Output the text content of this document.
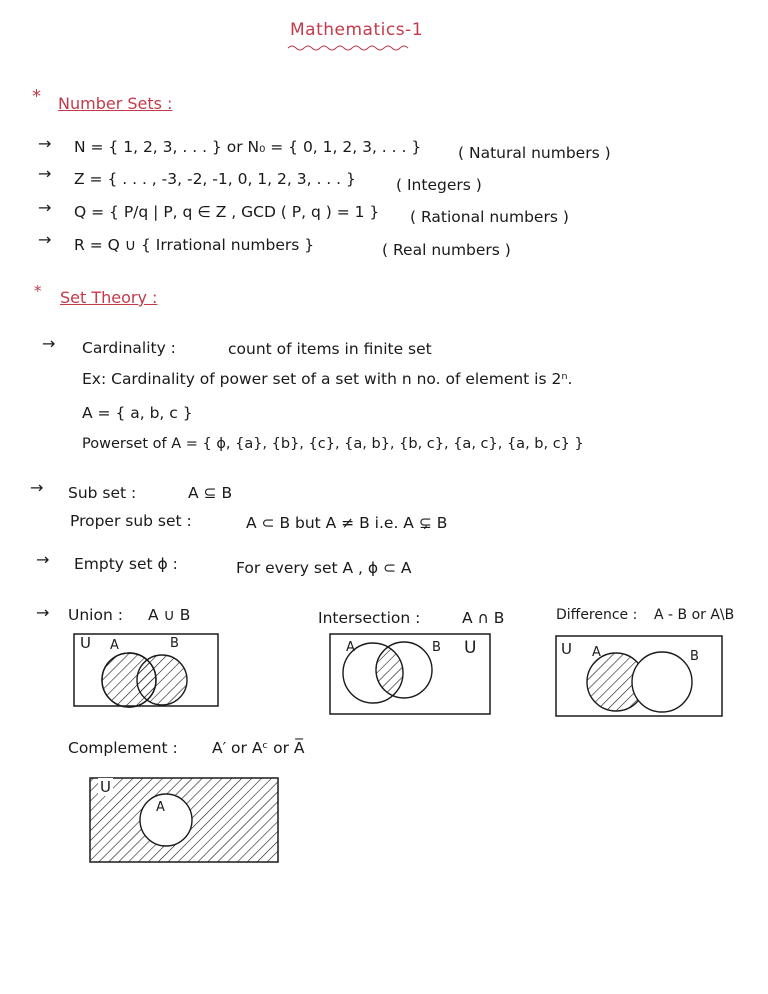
Mathematics-1
* Number Sets :
→ N = { 1, 2, 3, . . . } or N₀ = { 0, 1, 2, 3, . . . } ( Natural numbers )
→ Z = { . . . , -3, -2, -1, 0, 1, 2, 3, . . . }	( Integers )
→ Q = { P/q | P, q ∈ Z , GCD ( P, q ) = 1 } ( Rational numbers )
→ R = Q ∪ { Irrational numbers }	( Real numbers )
* Set Theory :
→ Cardinality :	count of items in finite set
Ex: Cardinality of power set of a set with n no. of element is 2ⁿ.
A = { a, b, c }
Powerset of A = { ϕ, {a}, {b}, {c}, {a, b}, {b, c}, {a, c}, {a, b, c} }
→ Sub set :	A ⊆ B
Proper sub set :	A ⊂ B but A ≠ B i.e. A ⊊ B
→ Empty set ϕ :	For every set A , ϕ ⊂ A
→ Union : A ∪ B	Intersection :	A ∩ B	Difference : A - B or A\B
U A	B	A	B U	U A	B
Complement : A′ or Aᶜ or A̅
U
A
